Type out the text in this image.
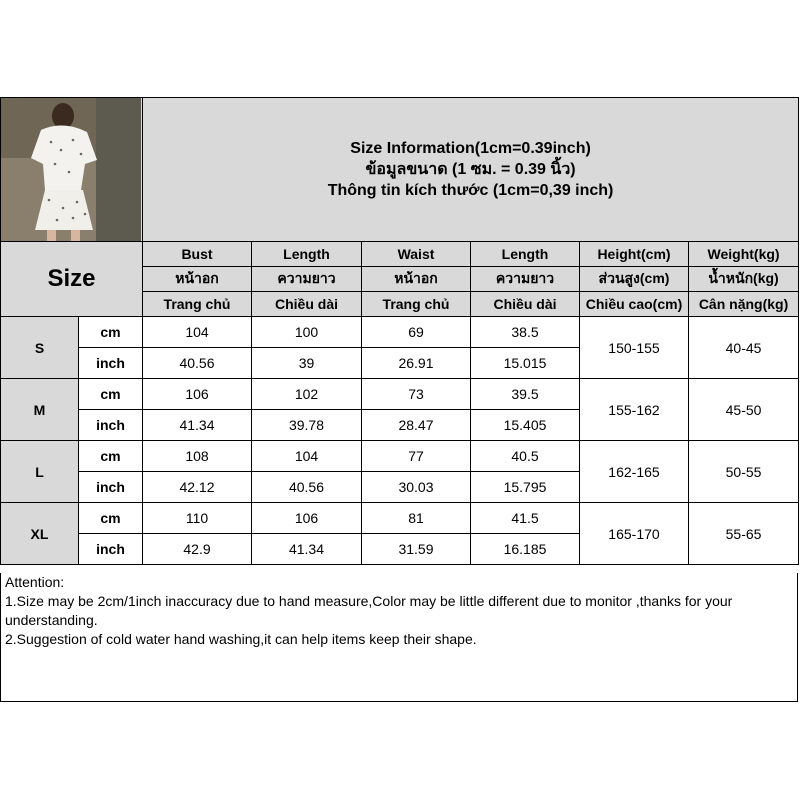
Size Information(1cm=0.39inch)
ข้อมูลขนาด (1 ซม. = 0.39 นิ้ว)
Thông tin kích thước (1cm=0,39 inch)					

Size		Bust	Length	Waist	Length	Height(cm)	Weight(kg)
		หน้าอก	ความยาว	หน้าอก	ความยาว	ส่วนสูง(cm)	น้ำหนัก(kg)
		Trang chủ	Chiều dài	Trang chủ	Chiều dài	Chiều cao(cm)	Cân nặng(kg)
S	cm	104	100	69	38.5	150-155	40-45
	inch	40.56	39	26.91	15.015		
M	cm	106	102	73	39.5	155-162	45-50
	inch	41.34	39.78	28.47	15.405		
L	cm	108	104	77	40.5	162-165	50-55
	inch	42.12	40.56	30.03	15.795		
XL	cm	110	106	81	41.5	165-170	55-65
	inch	42.9	41.34	31.59	16.185		
Attention:
1.Size may be 2cm/1inch inaccuracy due to hand measure,Color may be little different due to monitor ,thanks for your understanding.
2.Suggestion of cold water hand washing,it can help items keep their shape.
